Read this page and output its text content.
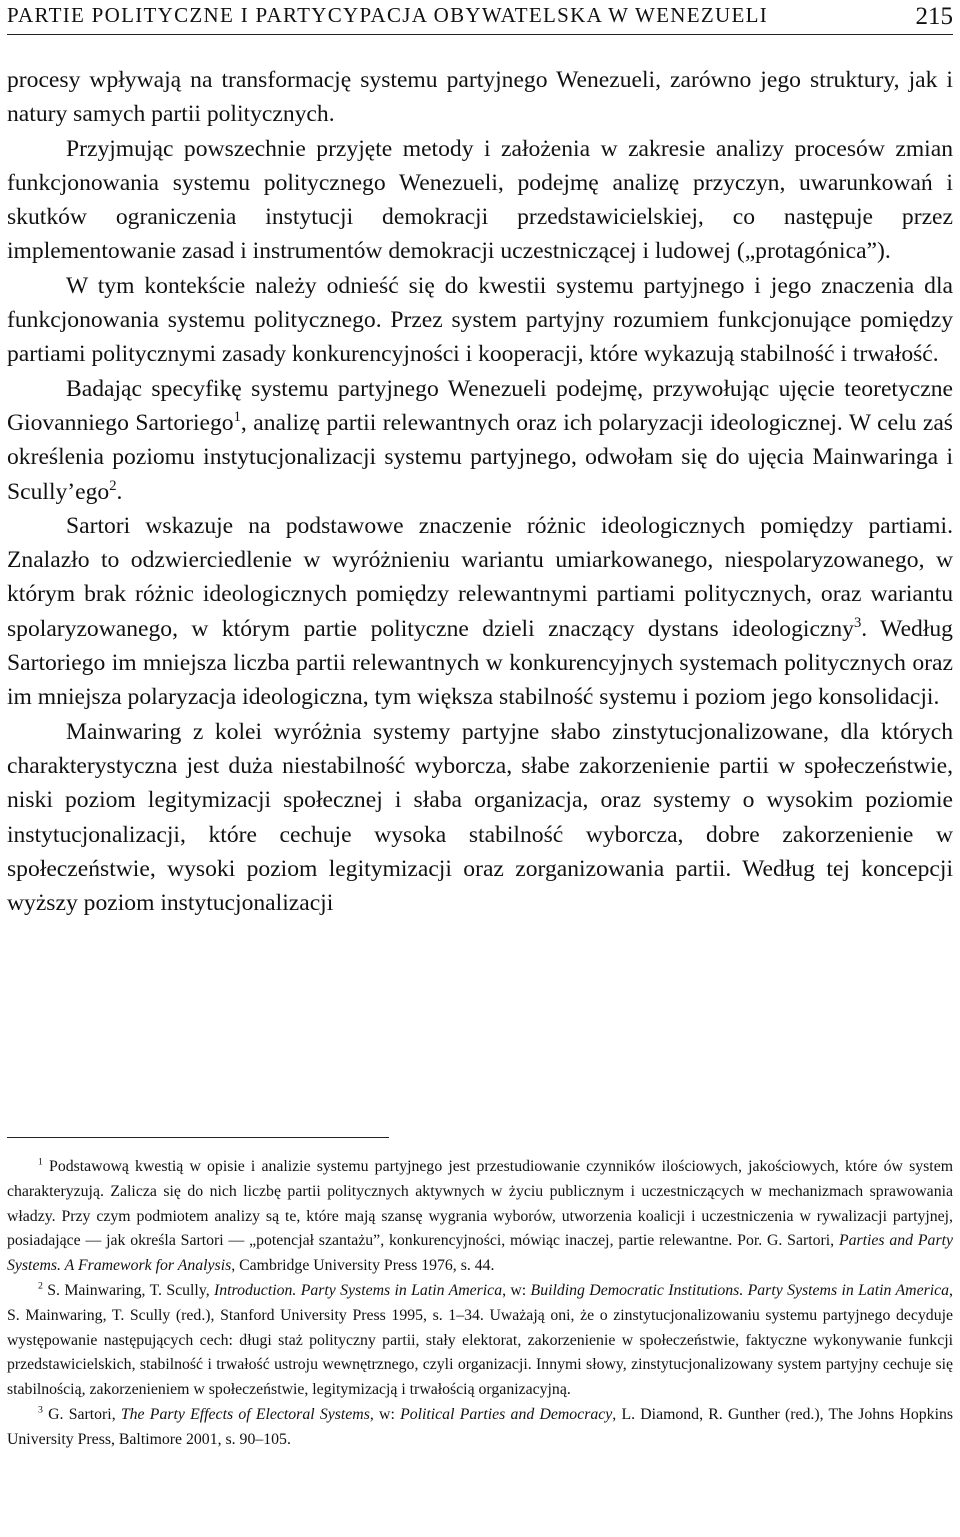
PARTIE POLITYCZNE I PARTYCYPACJA OBYWATELSKA W WENEZUELI	215

procesy wpływają na transformację systemu partyjnego Wenezueli, zarówno jego struktury, jak i natury samych partii politycznych.

Przyjmując powszechnie przyjęte metody i założenia w zakresie analizy procesów zmian funkcjonowania systemu politycznego Wenezueli, podejmę analizę przyczyn, uwarunkowań i skutków ograniczenia instytucji demokracji przedstawicielskiej, co następuje przez implementowanie zasad i instrumentów demokracji uczestniczącej i ludowej („protagónica”).

W tym kontekście należy odnieść się do kwestii systemu partyjnego i jego znaczenia dla funkcjonowania systemu politycznego. Przez system partyjny rozumiem funkcjonujące pomiędzy partiami politycznymi zasady konkurencyjności i kooperacji, które wykazują stabilność i trwałość.

Badając specyfikę systemu partyjnego Wenezueli podejmę, przywołując ujęcie teoretyczne Giovanniego Sartoriego$^1$, analizę partii relewantnych oraz ich polaryzacji ideologicznej. W celu zaś określenia poziomu instytucjonalizacji systemu partyjnego, odwołam się do ujęcia Mainwaringa i Scully’ego$^2$.

Sartori wskazuje na podstawowe znaczenie różnic ideologicznych pomiędzy partiami. Znalazło to odzwierciedlenie w wyróżnieniu wariantu umiarkowanego, niespolaryzowanego, w którym brak różnic ideologicznych pomiędzy relewantnymi partiami politycznych, oraz wariantu spolaryzowanego, w którym partie polityczne dzieli znaczący dystans ideologiczny$^3$. Według Sartoriego im mniejsza liczba partii relewantnych w konkurencyjnych systemach politycznych oraz im mniejsza polaryzacja ideologiczna, tym większa stabilność systemu i poziom jego konsolidacji.

Mainwaring z kolei wyróżnia systemy partyjne słabo zinstytucjonalizowane, dla których charakterystyczna jest duża niestabilność wyborcza, słabe zakorzenienie partii w społeczeństwie, niski poziom legitymizacji społecznej i słaba organizacja, oraz systemy o wysokim poziomie instytucjonalizacji, które cechuje wysoka stabilność wyborcza, dobre zakorzenienie w społeczeństwie, wysoki poziom legitymizacji oraz zorganizowania partii. Według tej koncepcji wyższy poziom instytucjonalizacji

$^1$ Podstawową kwestią w opisie i analizie systemu partyjnego jest przestudiowanie czynników ilościowych, jakościowych, które ów system charakteryzują. Zalicza się do nich liczbę partii politycznych aktywnych w życiu publicznym i uczestniczących w mechanizmach sprawowania władzy. Przy czym podmiotem analizy są te, które mają szansę wygrania wyborów, utworzenia koalicji i uczestniczenia w rywalizacji partyjnej, posiadające — jak określa Sartori — „potencjał szantażu”, konkurencyjności, mówiąc inaczej, partie relewantne. Por. G. Sartori, Parties and Party Systems. A Framework for Analysis, Cambridge University Press 1976, s. 44.

$^2$ S. Mainwaring, T. Scully, Introduction. Party Systems in Latin America, w: Building Democratic Institutions. Party Systems in Latin America, S. Mainwaring, T. Scully (red.), Stanford University Press 1995, s. 1–34. Uważają oni, że o zinstytucjonalizowaniu systemu partyjnego decyduje występowanie następujących cech: długi staż polityczny partii, stały elektorat, zakorzenienie w społeczeństwie, faktyczne wykonywanie funkcji przedstawicielskich, stabilność i trwałość ustroju wewnętrznego, czyli organizacji. Innymi słowy, zinstytucjonalizowany system partyjny cechuje się stabilnością, zakorzenieniem w społeczeństwie, legitymizacją i trwałością organizacyjną.

$^3$ G. Sartori, The Party Effects of Electoral Systems, w: Political Parties and Democracy, L. Diamond, R. Gunther (red.), The Johns Hopkins University Press, Baltimore 2001, s. 90–105.
